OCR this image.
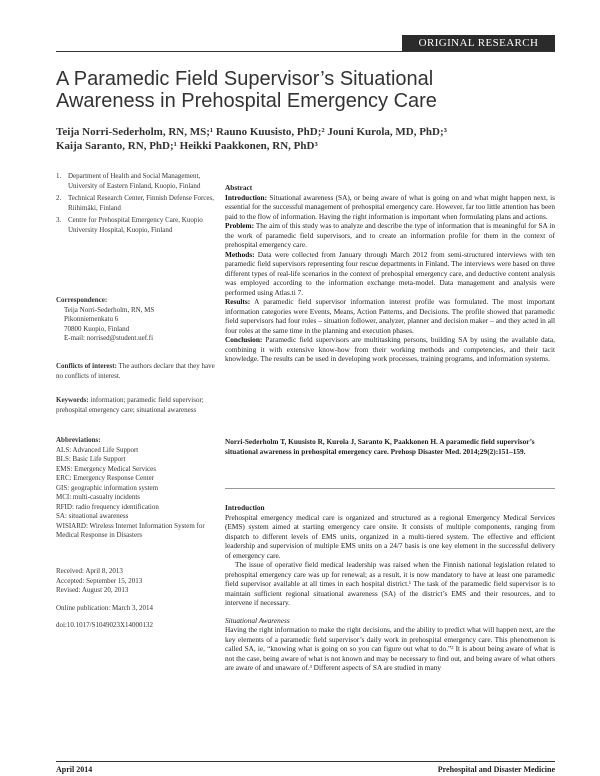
ORIGINAL RESEARCH
A Paramedic Field Supervisor’s Situational Awareness in Prehospital Emergency Care
Teija Norri-Sederholm, RN, MS;¹ Rauno Kuusisto, PhD;² Jouni Kurola, MD, PhD;³
Kaija Saranto, RN, PhD;¹ Heikki Paakkonen, RN, PhD³
1. Department of Health and Social Management, University of Eastern Finland, Kuopio, Finland
2. Technical Research Center, Finnish Defense Forces, Riihimäki, Finland
3. Centre for Prehospital Emergency Care, Kuopio University Hospital, Kuopio, Finland
Correspondence:
Teija Norri-Sederholm, RN, MS
Pikonniemenkatu 6
70800 Kuopio, Finland
E-mail: norrised@student.uef.fi
Conflicts of interest: The authors declare that they have no conflicts of interest.
Keywords: information; paramedic field supervisor; prehospital emergency care; situational awareness
Abbreviations:
ALS: Advanced Life Support
BLS: Basic Life Support
EMS: Emergency Medical Services
ERC: Emergency Response Center
GIS: geographic information system
MCI: multi-casualty incidents
RFID: radio frequency identification
SA: situational awareness
WISIARD: Wireless Internet Information System for Medical Response in Disasters
Received: April 8, 2013
Accepted: September 15, 2013
Revised: August 20, 2013
Online publication: March 3, 2014
doi:10.1017/S1049023X14000132
Abstract
Introduction: Situational awareness (SA), or being aware of what is going on and what might happen next, is essential for the successful management of prehospital emergency care. However, far too little attention has been paid to the flow of information. Having the right information is important when formulating plans and actions.
Problem: The aim of this study was to analyze and describe the type of information that is meaningful for SA in the work of paramedic field supervisors, and to create an information profile for them in the context of prehospital emergency care.
Methods: Data were collected from January through March 2012 from semi-structured interviews with ten paramedic field supervisors representing four rescue departments in Finland. The interviews were based on three different types of real-life scenarios in the context of prehospital emergency care, and deductive content analysis was employed according to the information exchange meta-model. Data management and analysis were performed using Atlas.ti 7.
Results: A paramedic field supervisor information interest profile was formulated. The most important information categories were Events, Means, Action Patterns, and Decisions. The profile showed that paramedic field supervisors had four roles – situation follower, analyzer, planner and decision maker – and they acted in all four roles at the same time in the planning and execution phases.
Conclusion: Paramedic field supervisors are multitasking persons, building SA by using the available data, combining it with extensive know-how from their working methods and competencies, and their tacit knowledge. The results can be used in developing work processes, training programs, and information systems.
Norri-Sederholm T, Kuusisto R, Kurola J, Saranto K, Paakkonen H. A paramedic field supervisor’s situational awareness in prehospital emergency care. Prehosp Disaster Med. 2014;29(2):151–159.
Introduction

Prehospital emergency medical care is organized and structured as a regional Emergency Medical Services (EMS) system aimed at starting emergency care onsite. It consists of multiple components, ranging from dispatch to different levels of EMS units, organized in a multi-tiered system. The effective and efficient leadership and supervision of multiple EMS units on a 24/7 basis is one key element in the successful delivery of emergency care.

The issue of operative field medical leadership was raised when the Finnish national legislation related to prehospital emergency care was up for renewal; as a result, it is now mandatory to have at least one paramedic field supervisor available at all times in each hospital district.¹ The task of the paramedic field supervisor is to maintain sufficient regional situational awareness (SA) of the district’s EMS and their resources, and to intervene if necessary.

Situational Awareness

Having the right information to make the right decisions, and the ability to predict what will happen next, are the key elements of a paramedic field supervisor’s daily work in prehospital emergency care. This phenomenon is called SA, ie, “knowing what is going on so you can figure out what to do.”² It is about being aware of what is not the case, being aware of what is not known and may be necessary to find out, and being aware of what others are aware of and unaware of.³ Different aspects of SA are studied in many

April 2014	Prehospital and Disaster Medicine
